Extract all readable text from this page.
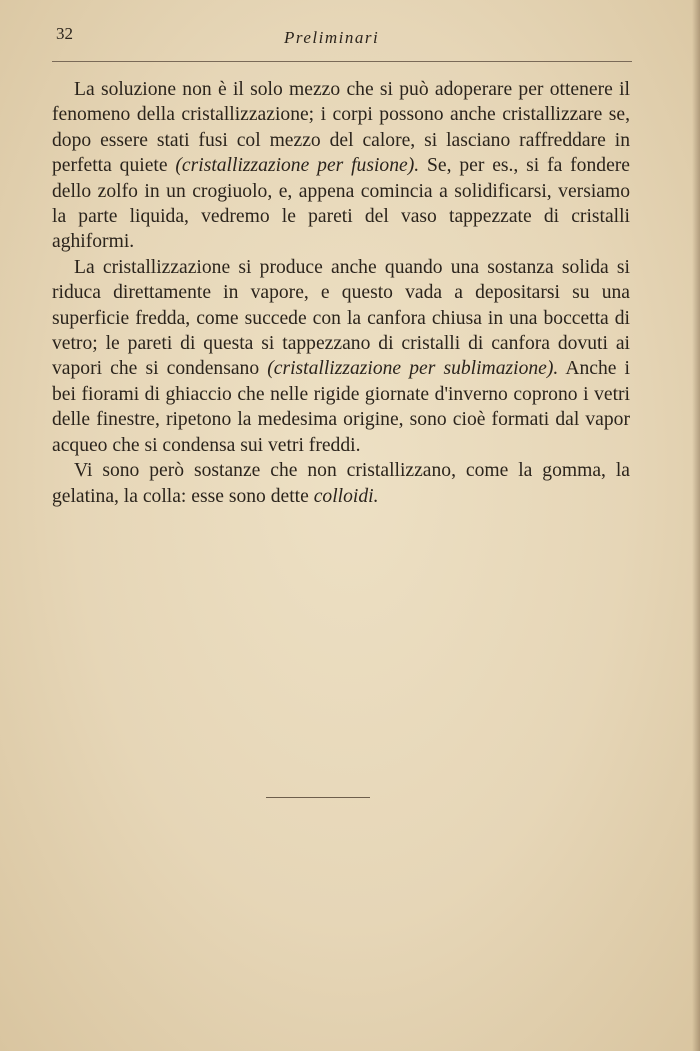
32	Preliminari

La soluzione non è il solo mezzo che si può adoperare per ottenere il fenomeno della cristallizzazione; i corpi possono anche cristallizzare se, dopo essere stati fusi col mezzo del calore, si lasciano raffreddare in perfetta quiete (cristallizzazione per fusione). Se, per es., si fa fondere dello zolfo in un crogiuolo, e, appena comincia a solidificarsi, versiamo la parte liquida, vedremo le pareti del vaso tappezzate di cristalli aghiformi.

La cristallizzazione si produce anche quando una sostanza solida si riduca direttamente in vapore, e questo vada a depositarsi su una superficie fredda, come succede con la canfora chiusa in una boccetta di vetro; le pareti di questa si tappezzano di cristalli di canfora dovuti ai vapori che si condensano (cristallizzazione per sublimazione). Anche i bei fiorami di ghiaccio che nelle rigide giornate d'inverno coprono i vetri delle finestre, ripetono la medesima origine, sono cioè formati dal vapor acqueo che si condensa sui vetri freddi.

Vi sono però sostanze che non cristallizzano, come la gomma, la gelatina, la colla: esse sono dette colloidi.
